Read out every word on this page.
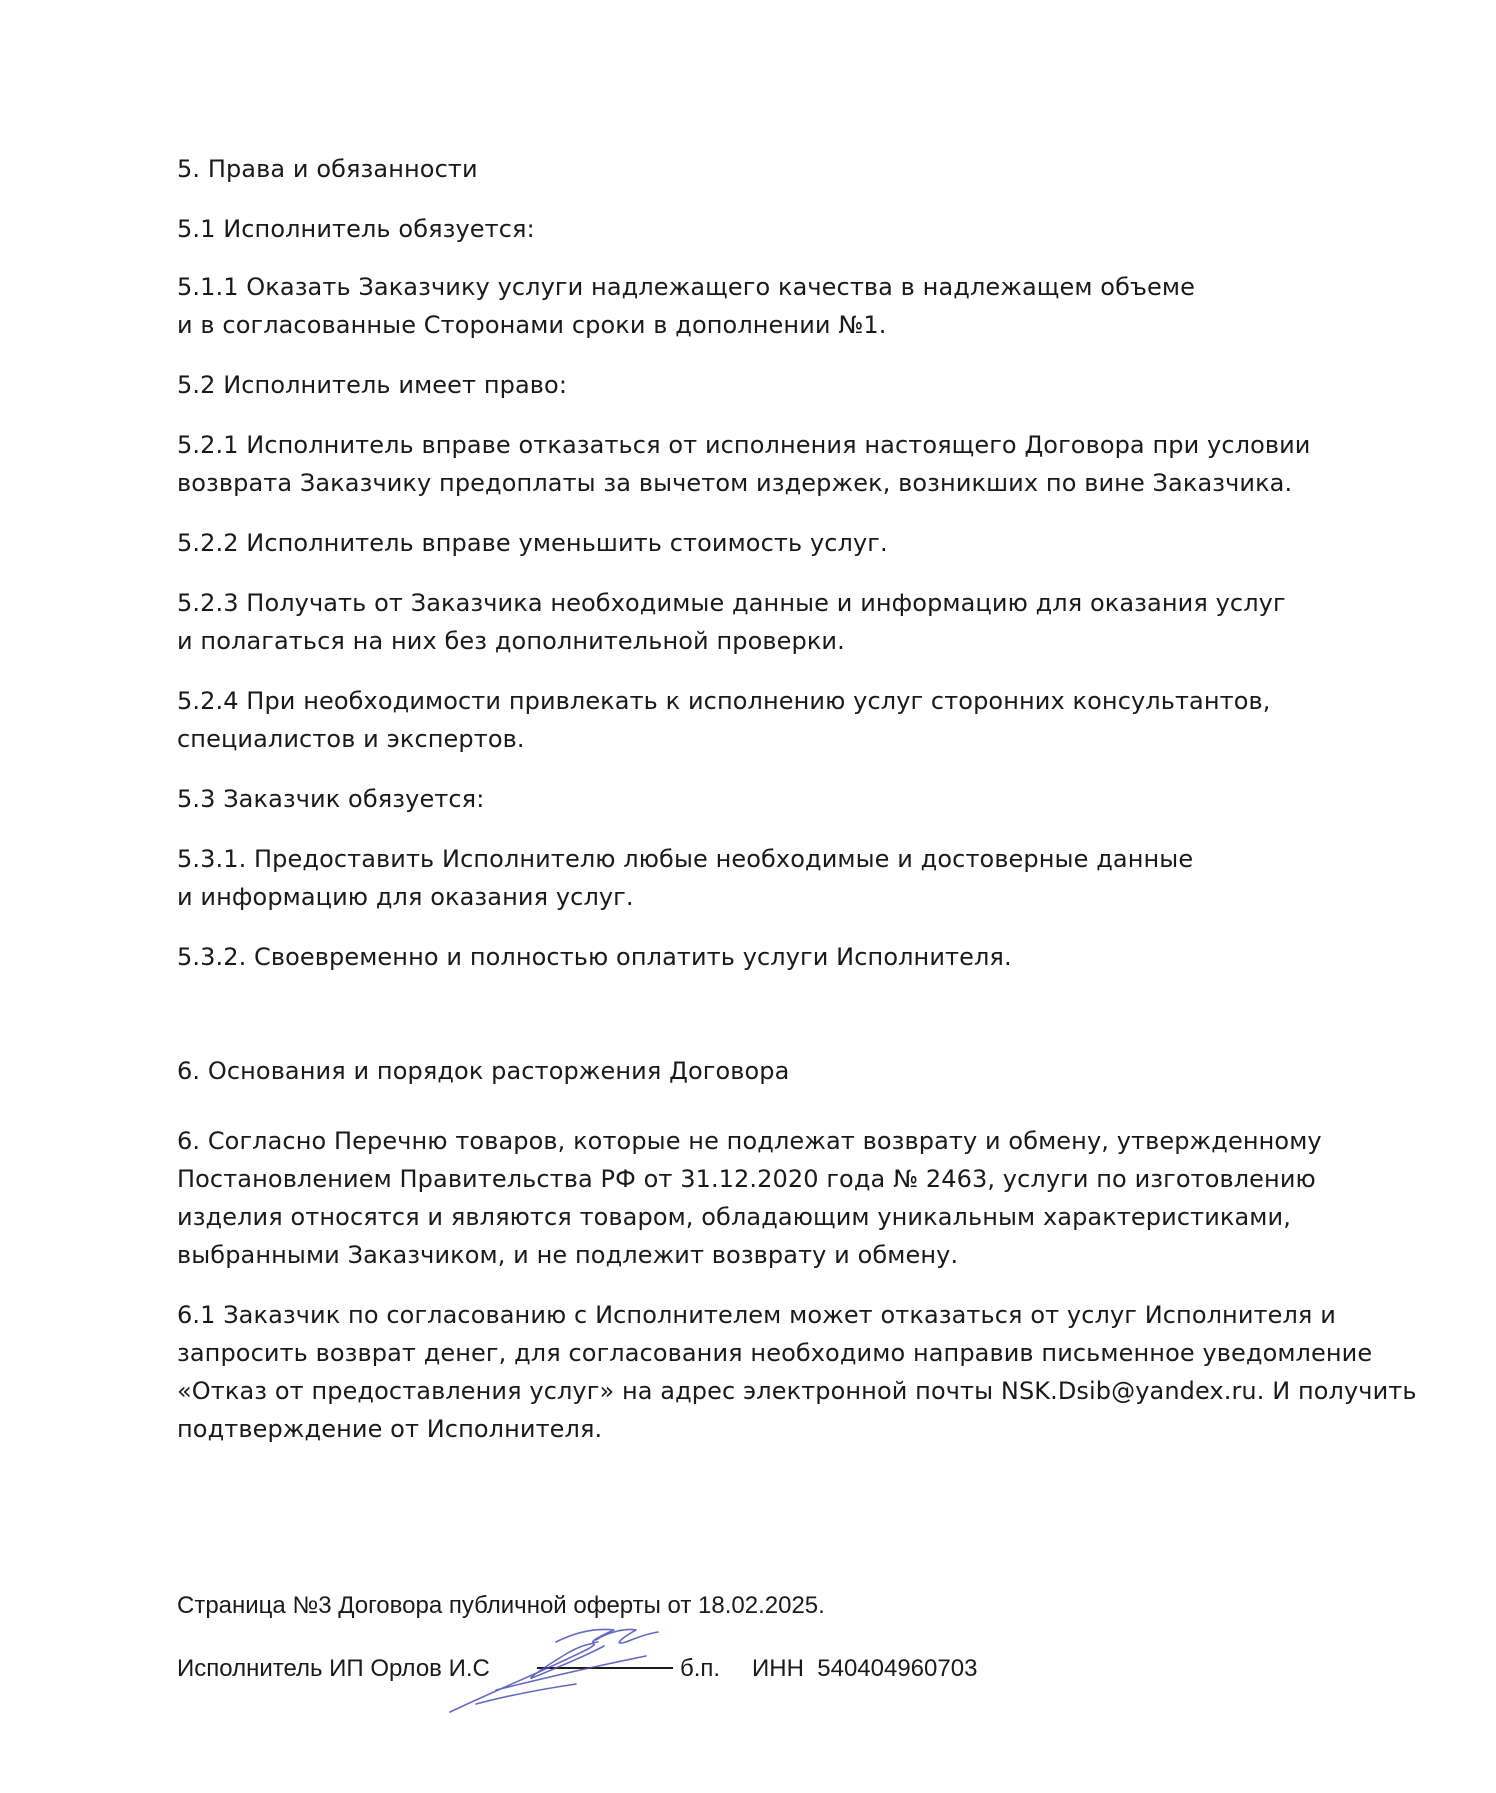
5. Права и обязанности

5.1 Исполнитель обязуется:

5.1.1 Оказать Заказчику услуги надлежащего качества в надлежащем объеме

и в согласованные Сторонами сроки в дополнении №1.

5.2 Исполнитель имеет право:

5.2.1 Исполнитель вправе отказаться от исполнения настоящего Договора при условии

возврата Заказчику предоплаты за вычетом издержек, возникших по вине Заказчика.

5.2.2 Исполнитель вправе уменьшить стоимость услуг.

5.2.3 Получать от Заказчика необходимые данные и информацию для оказания услуг

и полагаться на них без дополнительной проверки.

5.2.4 При необходимости привлекать к исполнению услуг сторонних консультантов,

специалистов и экспертов.

5.3 Заказчик обязуется:

5.3.1. Предоставить Исполнителю любые необходимые и достоверные данные

и информацию для оказания услуг.

5.3.2. Своевременно и полностью оплатить услуги Исполнителя.

6. Основания и порядок расторжения Договора

6. Согласно Перечню товаров, которые не подлежат возврату и обмену, утвержденному

Постановлением Правительства РФ от 31.12.2020 года № 2463, услуги по изготовлению

изделия относятся и являются товаром, обладающим уникальным характеристиками,

выбранными Заказчиком, и не подлежит возврату и обмену.

6.1 Заказчик по согласованию с Исполнителем может отказаться от услуг Исполнителя и

запросить возврат денег, для согласования необходимо направив письменное уведомление

«Отказ от предоставления услуг» на адрес электронной почты NSK.Dsib@yandex.ru. И получить

подтверждение от Исполнителя.

Страница №3 Договора публичной оферты от 18.02.2025.

Исполнитель ИП Орлов И.С	б.п. ИНН  540404960703
